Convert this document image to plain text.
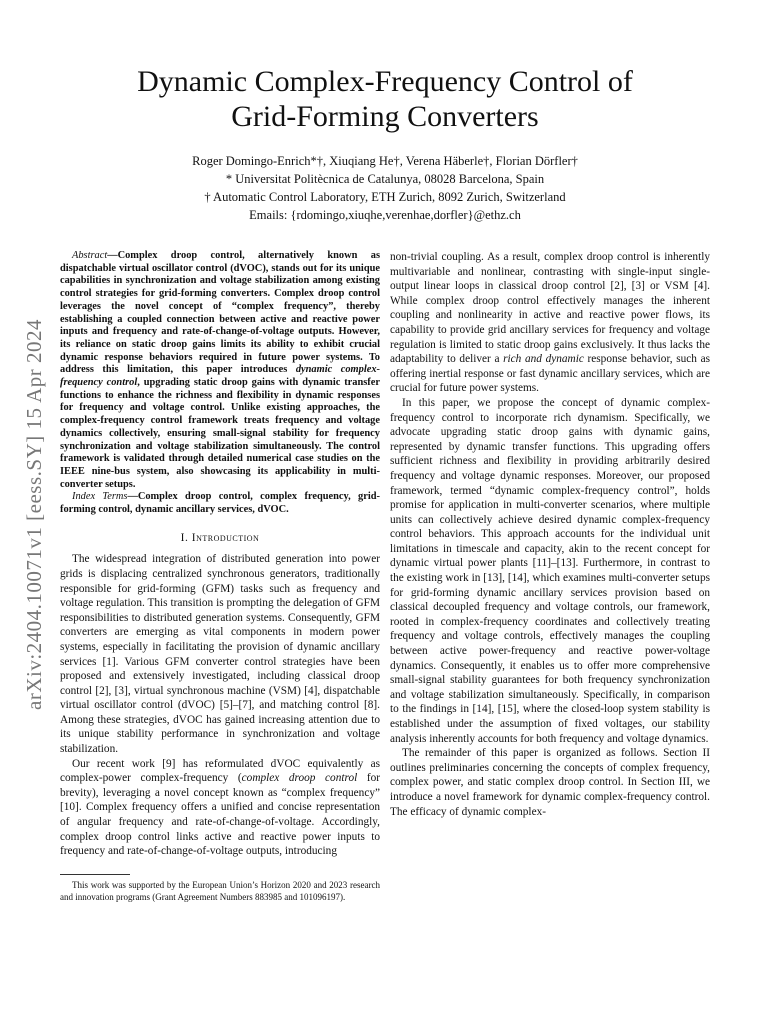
arXiv:2404.10071v1 [eess.SY] 15 Apr 2024
Dynamic Complex-Frequency Control of
Grid-Forming Converters
Roger Domingo-Enrich*†, Xiuqiang He†, Verena Häberle†, Florian Dörfler†
* Universitat Politècnica de Catalunya, 08028 Barcelona, Spain
† Automatic Control Laboratory, ETH Zurich, 8092 Zurich, Switzerland
Emails: {rdomingo,xiuqhe,verenhae,dorfler}@ethz.ch

Abstract—Complex droop control, alternatively known as dispatchable virtual oscillator control (dVOC), stands out for its unique capabilities in synchronization and voltage stabilization among existing control strategies for grid-forming converters. Complex droop control leverages the novel concept of “complex frequency”, thereby establishing a coupled connection between active and reactive power inputs and frequency and rate-of-change-of-voltage outputs. However, its reliance on static droop gains limits its ability to exhibit crucial dynamic response behaviors required in future power systems. To address this limitation, this paper introduces dynamic complex-frequency control, upgrading static droop gains with dynamic transfer functions to enhance the richness and flexibility in dynamic responses for frequency and voltage control. Unlike existing approaches, the complex-frequency control framework treats frequency and voltage dynamics collectively, ensuring small-signal stability for frequency synchronization and voltage stabilization simultaneously. The control framework is validated through detailed numerical case studies on the IEEE nine-bus system, also showcasing its applicability in multi-converter setups.

Index Terms—Complex droop control, complex frequency, grid-forming control, dynamic ancillary services, dVOC.

I. Introduction

The widespread integration of distributed generation into power grids is displacing centralized synchronous generators, traditionally responsible for grid-forming (GFM) tasks such as frequency and voltage regulation. This transition is prompting the delegation of GFM responsibilities to distributed generation systems. Consequently, GFM converters are emerging as vital components in modern power systems, especially in facilitating the provision of dynamic ancillary services [1]. Various GFM converter control strategies have been proposed and extensively investigated, including classical droop control [2], [3], virtual synchronous machine (VSM) [4], dispatchable virtual oscillator control (dVOC) [5]–[7], and matching control [8]. Among these strategies, dVOC has gained increasing attention due to its unique stability performance in synchronization and voltage stabilization.

Our recent work [9] has reformulated dVOC equivalently as complex-power complex-frequency (complex droop control for brevity), leveraging a novel concept known as “complex frequency” [10]. Complex frequency offers a unified and concise representation of angular frequency and rate-of-change-of-voltage. Accordingly, complex droop control links active and reactive power inputs to frequency and rate-of-change-of-voltage outputs, introducing

non-trivial coupling. As a result, complex droop control is inherently multivariable and nonlinear, contrasting with single-input single-output linear loops in classical droop control [2], [3] or VSM [4]. While complex droop control effectively manages the inherent coupling and nonlinearity in active and reactive power flows, its capability to provide grid ancillary services for frequency and voltage regulation is limited to static droop gains exclusively. It thus lacks the adaptability to deliver a rich and dynamic response behavior, such as offering inertial response or fast dynamic ancillary services, which are crucial for future power systems.

In this paper, we propose the concept of dynamic complex-frequency control to incorporate rich dynamism. Specifically, we advocate upgrading static droop gains with dynamic gains, represented by dynamic transfer functions. This upgrading offers sufficient richness and flexibility in providing arbitrarily desired frequency and voltage dynamic responses. Moreover, our proposed framework, termed “dynamic complex-frequency control”, holds promise for application in multi-converter scenarios, where multiple units can collectively achieve desired dynamic complex-frequency control behaviors. This approach accounts for the individual unit limitations in timescale and capacity, akin to the recent concept for dynamic virtual power plants [11]–[13]. Furthermore, in contrast to the existing work in [13], [14], which examines multi-converter setups for grid-forming dynamic ancillary services provision based on classical decoupled frequency and voltage controls, our framework, rooted in complex-frequency coordinates and collectively treating frequency and voltage controls, effectively manages the coupling between active power-frequency and reactive power-voltage dynamics. Consequently, it enables us to offer more comprehensive small-signal stability guarantees for both frequency synchronization and voltage stabilization simultaneously. Specifically, in comparison to the findings in [14], [15], where the closed-loop system stability is established under the assumption of fixed voltages, our stability analysis inherently accounts for both frequency and voltage dynamics.

The remainder of this paper is organized as follows. Section II outlines preliminaries concerning the concepts of complex frequency, complex power, and static complex droop control. In Section III, we introduce a novel framework for dynamic complex-frequency control. The efficacy of dynamic complex-

This work was supported by the European Union’s Horizon 2020 and 2023 research and innovation programs (Grant Agreement Numbers 883985 and 101096197).
